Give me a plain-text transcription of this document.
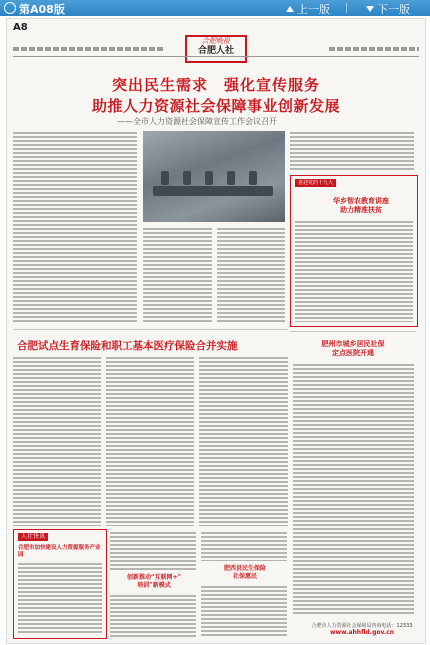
第A08版	上一版	下一版
A8
合肥晚报
合肥人社
突出民生需求　强化宣传服务
助推人力资源社会保障事业创新发展
——全市人力资源社会保障宣传工作会议召开
喜迎党的十九大
华乡智农教育讲座
助力精准扶贫
合肥试点生育保险和职工基本医疗保险合并实施	肥州市城乡居民社保
定点医院开通
人社快讯
合肥市加快建设人力资源服务产业园
创新推动“互联网+”
培训”新模式
肥西县民生保险
社保惠民
合肥市人力资源社会保障局咨询电话：12333
www.ahhfld.gov.cn
